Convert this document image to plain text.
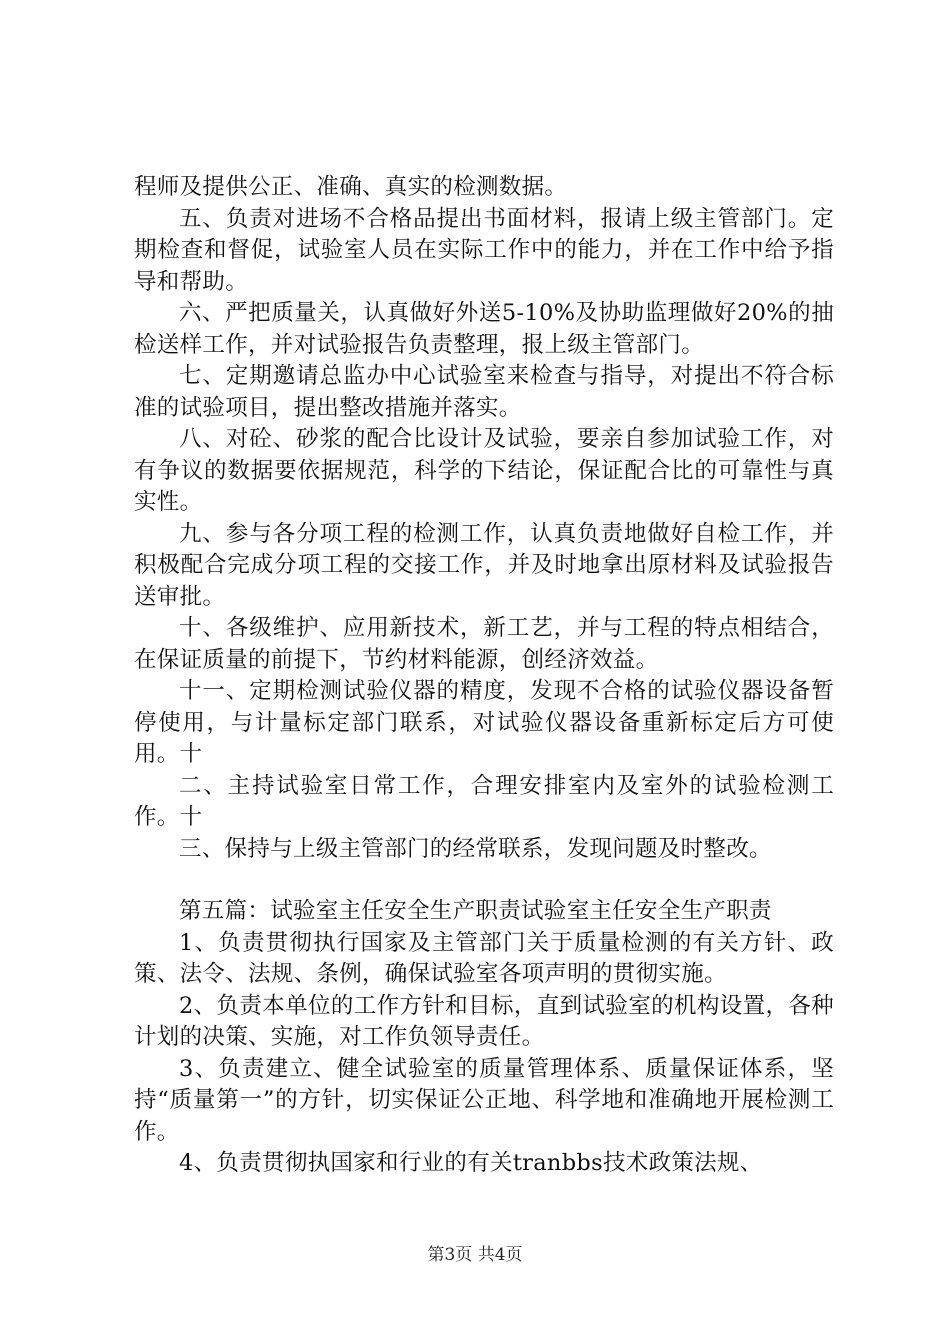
程师及提供公正、准确、真实的检测数据。

五、负责对进场不合格品提出书面材料，报请上级主管部门。定期检查和督促，试验室人员在实际工作中的能力，并在工作中给予指导和帮助。

六、严把质量关，认真做好外送5-10%及协助监理做好20%的抽检送样工作，并对试验报告负责整理，报上级主管部门。

七、定期邀请总监办中心试验室来检查与指导，对提出不符合标准的试验项目，提出整改措施并落实。

八、对砼、砂浆的配合比设计及试验，要亲自参加试验工作，对有争议的数据要依据规范，科学的下结论，保证配合比的可靠性与真实性。

九、参与各分项工程的检测工作，认真负责地做好自检工作，并积极配合完成分项工程的交接工作，并及时地拿出原材料及试验报告送审批。

十、各级维护、应用新技术，新工艺，并与工程的特点相结合，在保证质量的前提下，节约材料能源，创经济效益。

十一、定期检测试验仪器的精度，发现不合格的试验仪器设备暂停使用，与计量标定部门联系，对试验仪器设备重新标定后方可使用。十

二、主持试验室日常工作，合理安排室内及室外的试验检测工作。十

三、保持与上级主管部门的经常联系，发现问题及时整改。

第五篇：试验室主任安全生产职责试验室主任安全生产职责

1、负责贯彻执行国家及主管部门关于质量检测的有关方针、政策、法令、法规、条例，确保试验室各项声明的贯彻实施。

2、负责本单位的工作方针和目标，直到试验室的机构设置，各种计划的决策、实施，对工作负领导责任。

3、负责建立、健全试验室的质量管理体系、质量保证体系，坚持“质量第一”的方针，切实保证公正地、科学地和准确地开展检测工作。

4、负责贯彻执国家和行业的有关tranbbs技术政策法规、

第3页 共4页
